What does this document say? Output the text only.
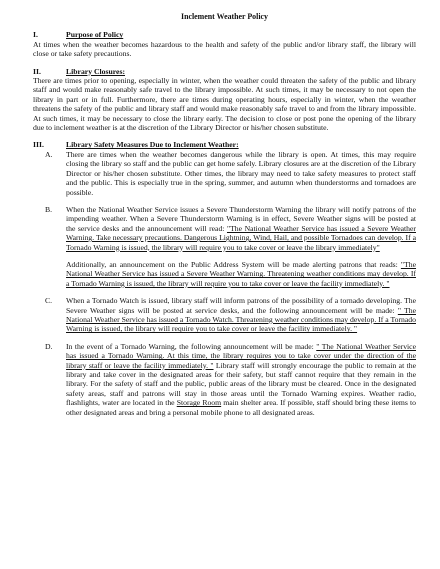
Inclement Weather Policy
I.	Purpose of Policy
At times when the weather becomes hazardous to the health and safety of the public and/or library staff, the library will close or take safety precautions.
II.	Library Closures:
There are times prior to opening, especially in winter, when the weather could threaten the safety of the public and library staff and would make reasonably safe travel to the library impossible. At such times, it may be necessary to not open the library in part or in full. Furthermore, there are times during operating hours, especially in winter, when the weather threatens the safety of the public and library staff and would make reasonably safe travel to and from the library impossible. At such times, it may be necessary to close the library early. The decision to close or post pone the opening of the library due to inclement weather is at the discretion of the Library Director or his/her chosen substitute.
III.	Library Safety Measures Due to Inclement Weather:
A.	There are times when the weather becomes dangerous while the library is open. At times, this may require closing the library so staff and the public can get home safely. Library closures are at the discretion of the Library Director or his/her chosen substitute. Other times, the library may need to take safety measures to protect staff and the public. This is especially true in the spring, summer, and autumn when thunderstorms and tornadoes are possible.

B.	When the National Weather Service issues a Severe Thunderstorm Warning the library will notify patrons of the impending weather. When a Severe Thunderstorm Warning is in effect, Severe Weather signs will be posted at the service desks and the announcement will read: "The National Weather Service has issued a Severe Weather Warning. Take necessary precautions. Dangerous Lightning, Wind, Hail, and possible Tornadoes can develop. If a Tornado Warning is issued, the library will require you to take cover or leave the library immediately"

Additionally, an announcement on the Public Address System will be made alerting patrons that reads: "The National Weather Service has issued a Severe Weather Warning. Threatening weather conditions may develop. If a Tornado Warning is issued, the library will require you to take cover or leave the facility immediately. "

C.	When a Tornado Watch is issued, library staff will inform patrons of the possibility of a tornado developing. The Severe Weather signs will be posted at service desks, and the following announcement will be made: " The National Weather Service has issued a Tornado Watch. Threatening weather conditions may develop. If a Tornado Warning is issued, the library will require you to take cover or leave the facility immediately. "

D.	In the event of a Tornado Warning, the following announcement will be made: " The National Weather Service has issued a Tornado Warning. At this time, the library requires you to take cover under the direction of the library staff or leave the facility immediately. " Library staff will strongly encourage the public to remain at the library and take cover in the designated areas for their safety, but staff cannot require that they remain in the library. For the safety of staff and the public, public areas of the library must be cleared. Once in the designated safety areas, staff and patrons will stay in those areas until the Tornado Warning expires. Weather radio, flashlights, water are located in the Storage Room main shelter area. If possible, staff should bring these items to other designated areas and bring a personal mobile phone to all designated areas.
